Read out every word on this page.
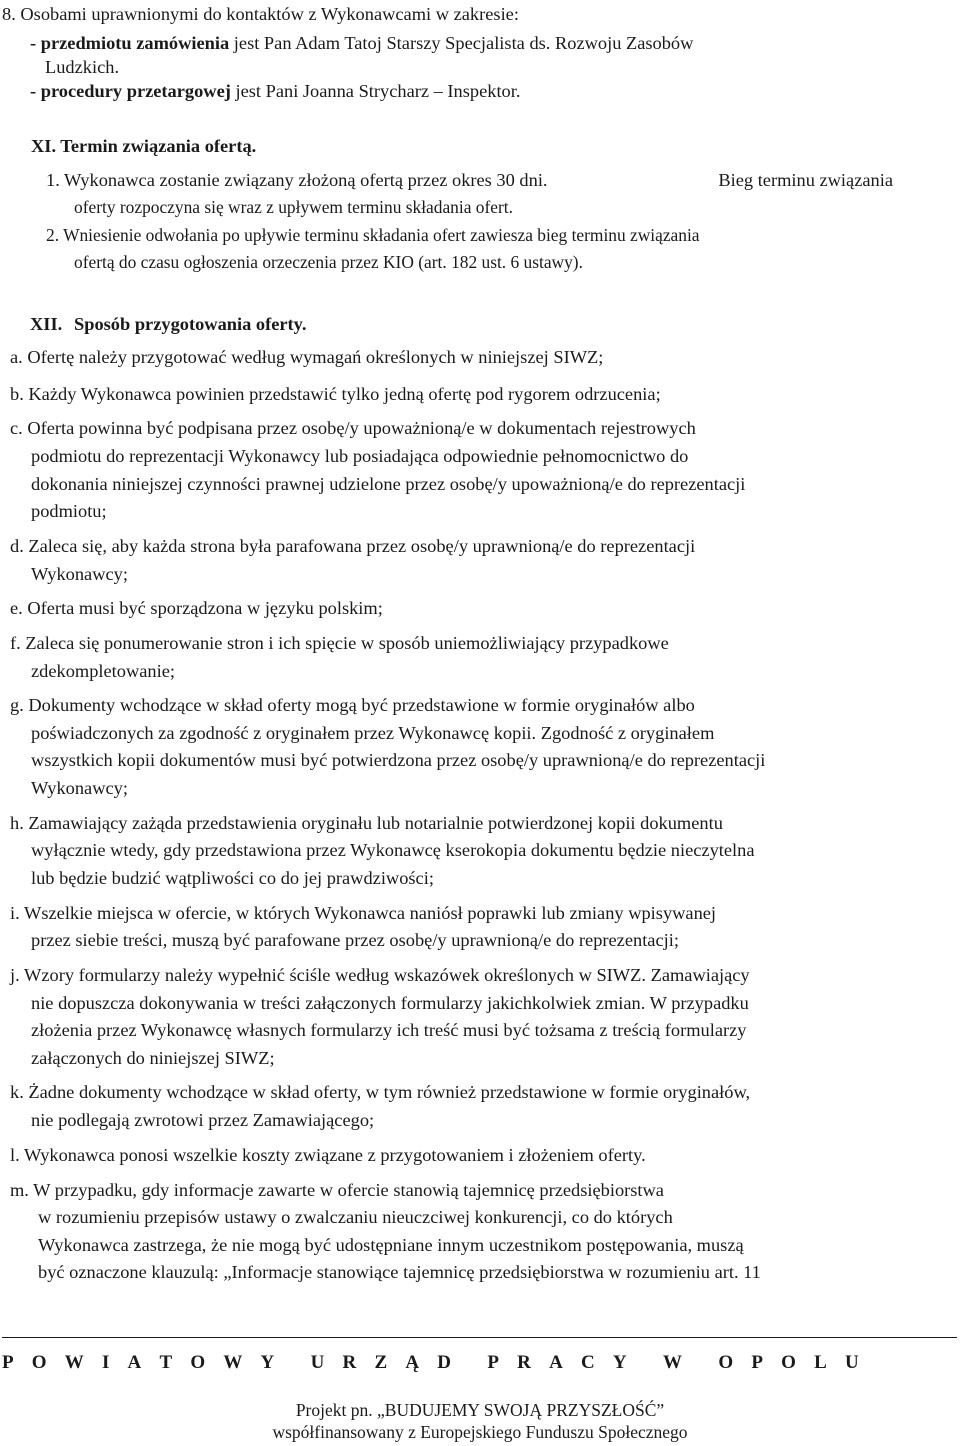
8. Osobami uprawnionymi do kontaktów z Wykonawcami w zakresie:
- przedmiotu zamówienia jest Pan Adam Tatoj Starszy Specjalista ds. Rozwoju Zasobów
Ludzkich.
- procedury przetargowej jest Pani Joanna Strycharz – Inspektor.
XI. Termin związania ofertą.
1. Wykonawca zostanie związany złożoną ofertą przez okres 30 dni.	Bieg terminu związania
oferty rozpoczyna się wraz z upływem terminu składania ofert.
2. Wniesienie odwołania po upływie terminu składania ofert zawiesza bieg terminu związania
ofertą do czasu ogłoszenia orzeczenia przez KIO (art. 182 ust. 6 ustawy).
XII. Sposób przygotowania oferty.
a. Ofertę należy przygotować według wymagań określonych w niniejszej SIWZ;
b. Każdy Wykonawca powinien przedstawić tylko jedną ofertę pod rygorem odrzucenia;
c. Oferta powinna być podpisana przez osobę/y upoważnioną/e w dokumentach rejestrowych
podmiotu do reprezentacji Wykonawcy lub posiadająca odpowiednie pełnomocnictwo do
dokonania niniejszej czynności prawnej udzielone przez osobę/y upoważnioną/e do reprezentacji
podmiotu;
d. Zaleca się, aby każda strona była parafowana przez osobę/y uprawnioną/e do reprezentacji
Wykonawcy;
e. Oferta musi być sporządzona w języku polskim;
f. Zaleca się ponumerowanie stron i ich spięcie w sposób uniemożliwiający przypadkowe
zdekompletowanie;
g. Dokumenty wchodzące w skład oferty mogą być przedstawione w formie oryginałów albo
poświadczonych za zgodność z oryginałem przez Wykonawcę kopii. Zgodność z oryginałem
wszystkich kopii dokumentów musi być potwierdzona przez osobę/y uprawnioną/e do reprezentacji
Wykonawcy;
h. Zamawiający zażąda przedstawienia oryginału lub notarialnie potwierdzonej kopii dokumentu
wyłącznie wtedy, gdy przedstawiona przez Wykonawcę kserokopia dokumentu będzie nieczytelna
lub będzie budzić wątpliwości co do jej prawdziwości;
i. Wszelkie miejsca w ofercie, w których Wykonawca naniósł poprawki lub zmiany wpisywanej
przez siebie treści, muszą być parafowane przez osobę/y uprawnioną/e do reprezentacji;
j. Wzory formularzy należy wypełnić ściśle według wskazówek określonych w SIWZ. Zamawiający
nie dopuszcza dokonywania w treści załączonych formularzy jakichkolwiek zmian. W przypadku
złożenia przez Wykonawcę własnych formularzy ich treść musi być tożsama z treścią formularzy
załączonych do niniejszej SIWZ;
k. Żadne dokumenty wchodzące w skład oferty, w tym również przedstawione w formie oryginałów,
nie podlegają zwrotowi przez Zamawiającego;
l. Wykonawca ponosi wszelkie koszty związane z przygotowaniem i złożeniem oferty.
m. W przypadku, gdy informacje zawarte w ofercie stanowią tajemnicę przedsiębiorstwa
w rozumieniu przepisów ustawy o zwalczaniu nieuczciwej konkurencji, co do których
Wykonawca zastrzega, że nie mogą być udostępniane innym uczestnikom postępowania, muszą
być oznaczone klauzulą: „Informacje stanowiące tajemnicę przedsiębiorstwa w rozumieniu art. 11
P O W I A T O W Y U R Z Ą D P R A C Y W O P O L U
Projekt pn. „BUDUJEMY SWOJĄ PRZYSZŁOŚĆ”
współfinansowany z Europejskiego Funduszu Społecznego
